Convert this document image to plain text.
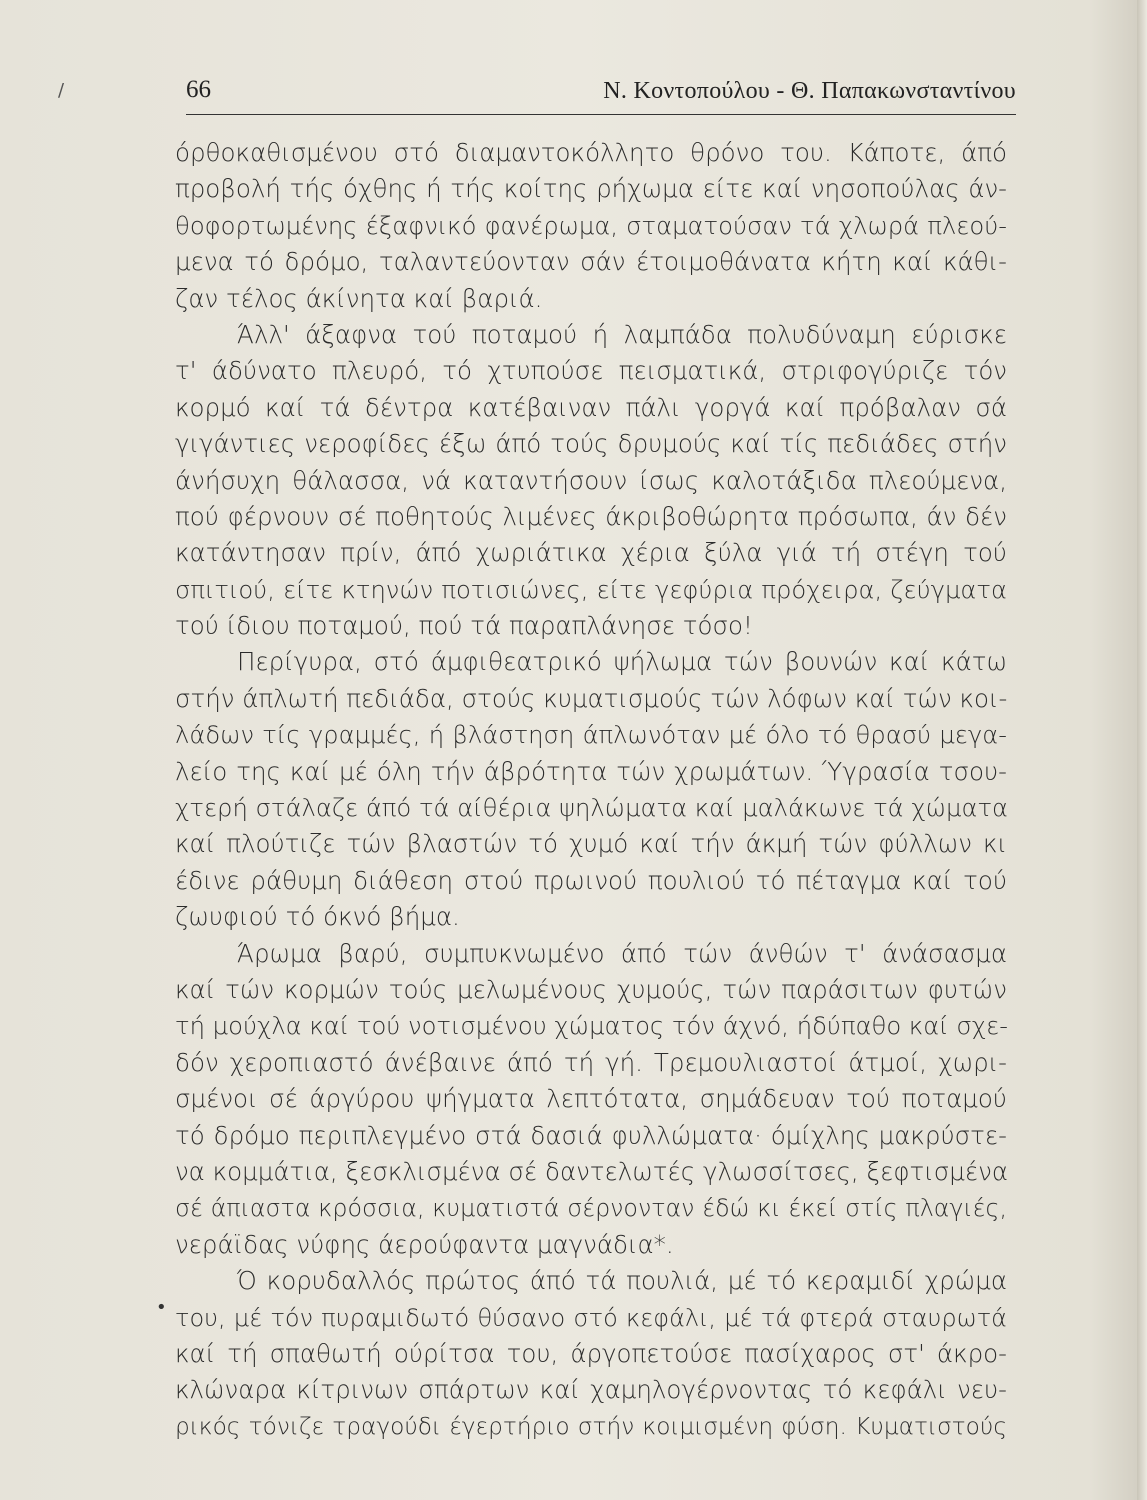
/	66	Ν. Κοντοπούλου - Θ. Παπακωνσταντίνου
όρθοκαθισμένου στό διαμαντοκόλλητο θρόνο του. Κάποτε, άπό
προβολή τής όχθης ή τής κοίτης ρήχωμα είτε καί νησοπούλας άν-
θοφορτωμένης έξαφνικό φανέρωμα, σταματούσαν τά χλωρά πλεού-
μενα τό δρόμο, ταλαντεύονταν σάν έτοιμοθάνατα κήτη καί κάθι-
ζαν τέλος άκίνητα καί βαριά.
Άλλ' άξαφνα τού ποταμού ή λαμπάδα πολυδύναμη εύρισκε
τ' άδύνατο πλευρό, τό χτυπούσε πεισματικά, στριφογύριζε τόν
κορμό καί τά δέντρα κατέβαιναν πάλι γοργά καί πρόβαλαν σά
γιγάντιες νεροφίδες έξω άπό τούς δρυμούς καί τίς πεδιάδες στήν
άνήσυχη θάλασσα, νά καταντήσουν ίσως καλοτάξιδα πλεούμενα,
πού φέρνουν σέ ποθητούς λιμένες άκριβοθώρητα πρόσωπα, άν δέν
κατάντησαν πρίν, άπό χωριάτικα χέρια ξύλα γιά τή στέγη τού
σπιτιού, είτε κτηνών ποτισιώνες, είτε γεφύρια πρόχειρα, ζεύγματα
τού ίδιου ποταμού, πού τά παραπλάνησε τόσο!
Περίγυρα, στό άμφιθεατρικό ψήλωμα τών βουνών καί κάτω
στήν άπλωτή πεδιάδα, στούς κυματισμούς τών λόφων καί τών κοι-
λάδων τίς γραμμές, ή βλάστηση άπλωνόταν μέ όλο τό θρασύ μεγα-
λείο της καί μέ όλη τήν άβρότητα τών χρωμάτων. Ύγρασία τσου-
χτερή στάλαζε άπό τά αίθέρια ψηλώματα καί μαλάκωνε τά χώματα
καί πλούτιζε τών βλαστών τό χυμό καί τήν άκμή τών φύλλων κι
έδινε ράθυμη διάθεση στού πρωινού πουλιού τό πέταγμα καί τού
ζωυφιού τό όκνό βήμα.
Άρωμα βαρύ, συμπυκνωμένο άπό τών άνθών τ' άνάσασμα
καί τών κορμών τούς μελωμένους χυμούς, τών παράσιτων φυτών
τή μούχλα καί τού νοτισμένου χώματος τόν άχνό, ήδύπαθο καί σχε-
δόν χεροπιαστό άνέβαινε άπό τή γή. Τρεμουλιαστοί άτμοί, χωρι-
σμένοι σέ άργύρου ψήγματα λεπτότατα, σημάδευαν τού ποταμού
τό δρόμο περιπλεγμένο στά δασιά φυλλώματα· όμίχλης μακρύστε-
να κομμάτια, ξεσκλισμένα σέ δαντελωτές γλωσσίτσες, ξεφτισμένα
σέ άπιαστα κρόσσια, κυματιστά σέρνονταν έδώ κι έκεί στίς πλαγιές,
νεράϊδας νύφης άερούφαντα μαγνάδια*.
Ό κορυδαλλός πρώτος άπό τά πουλιά, μέ τό κεραμιδί χρώμα
του, μέ τόν πυραμιδωτό θύσανο στό κεφάλι, μέ τά φτερά σταυρωτά
καί τή σπαθωτή ούρίτσα του, άργοπετούσε πασίχαρος στ' άκρο-
κλώναρα κίτρινων σπάρτων καί χαμηλογέρνοντας τό κεφάλι νευ-
ρικός τόνιζε τραγούδι έγερτήριο στήν κοιμισμένη φύση. Κυματιστούς
•
